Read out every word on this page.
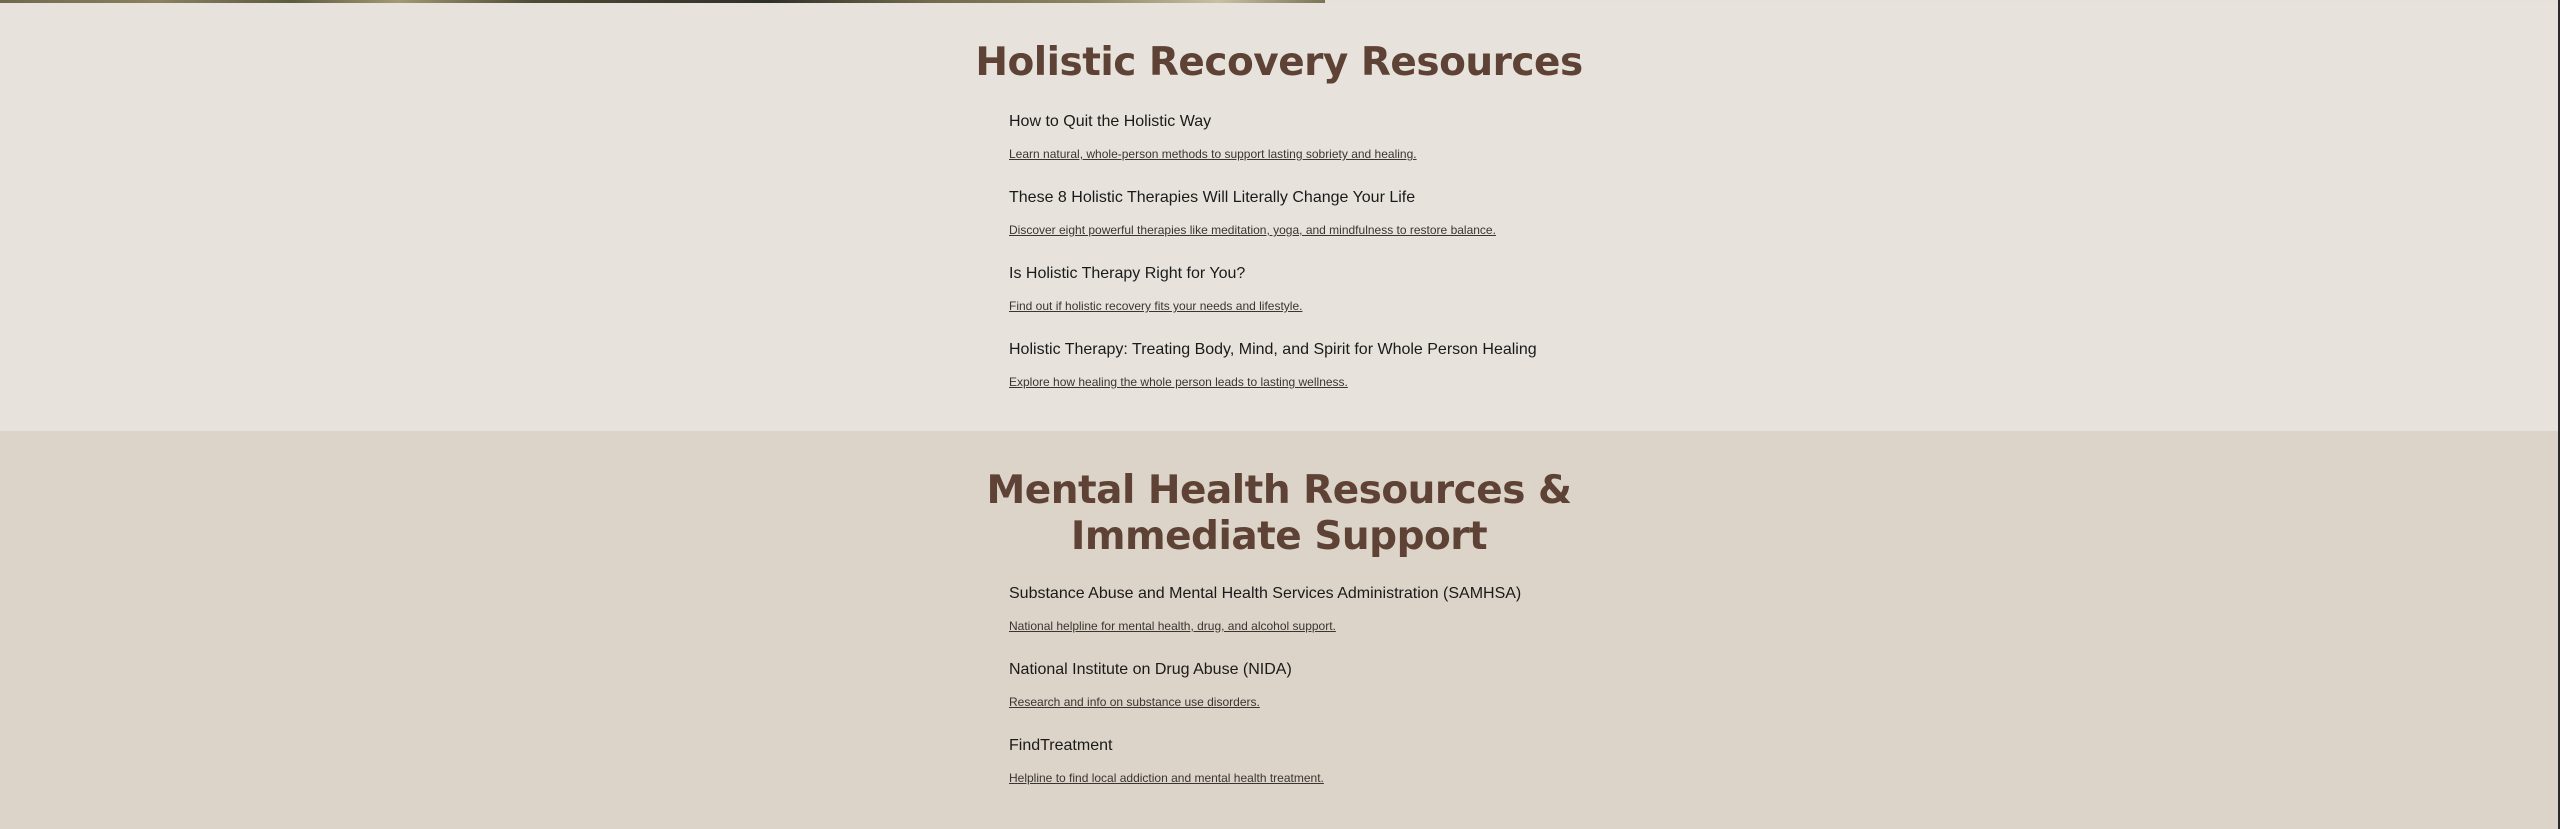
Holistic Recovery Resources

How to Quit the Holistic Way

Learn natural, whole-person methods to support lasting sobriety and healing.

These 8 Holistic Therapies Will Literally Change Your Life

Discover eight powerful therapies like meditation, yoga, and mindfulness to restore balance.

Is Holistic Therapy Right for You?

Find out if holistic recovery fits your needs and lifestyle.

Holistic Therapy: Treating Body, Mind, and Spirit for Whole Person Healing

Explore how healing the whole person leads to lasting wellness.
Mental Health Resources & Immediate Support

Substance Abuse and Mental Health Services Administration (SAMHSA)

National helpline for mental health, drug, and alcohol support.

National Institute on Drug Abuse (NIDA)

Research and info on substance use disorders.

FindTreatment

Helpline to find local addiction and mental health treatment.
